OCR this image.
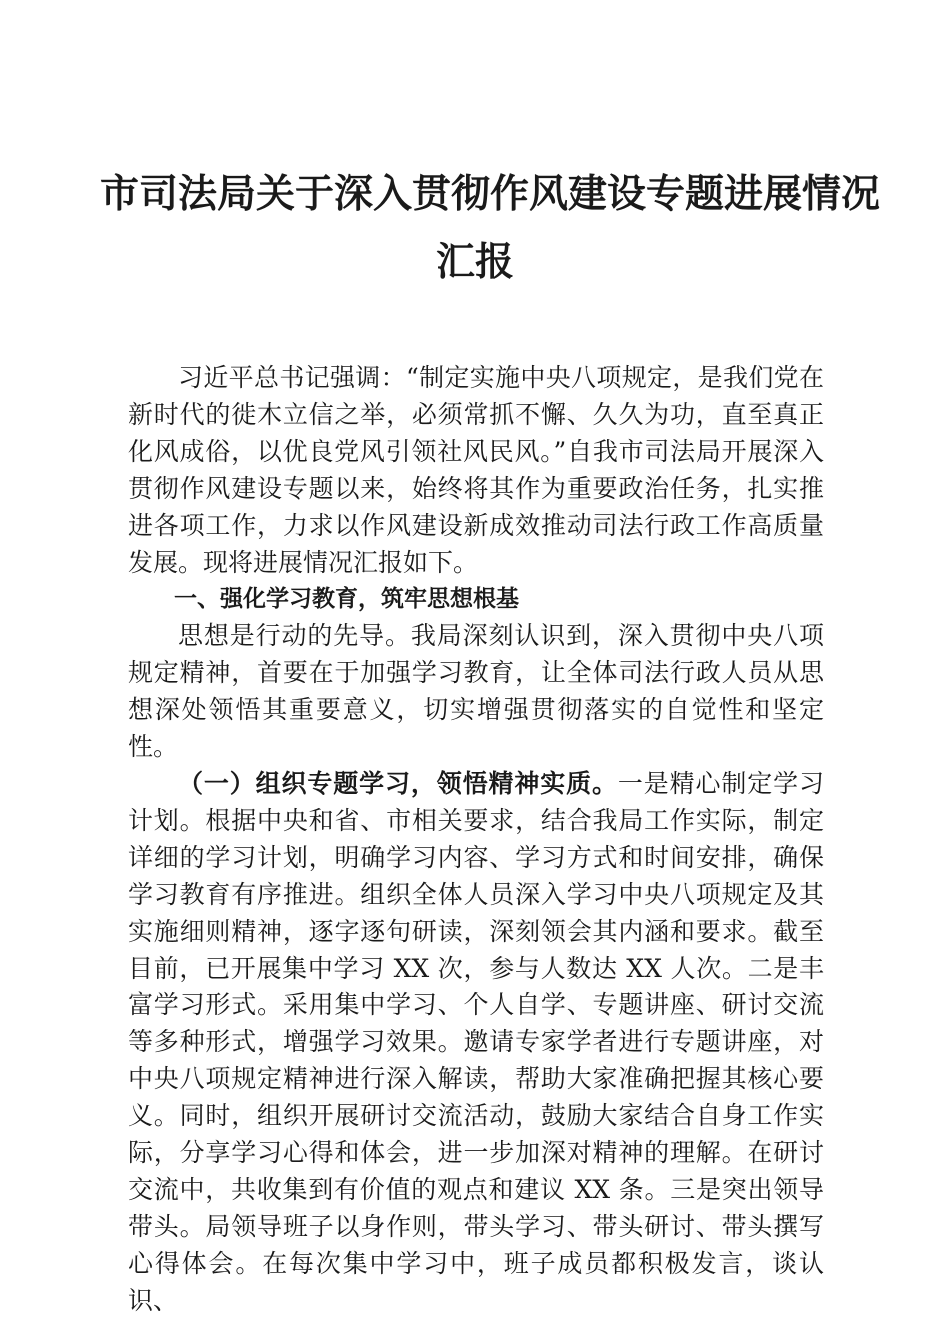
市司法局关于深入贯彻作风建设专题进展情况
汇报

习近平总书记强调：“制定实施中央八项规定，是我们党在新时代的徙木立信之举，必须常抓不懈、久久为功，直至真正化风成俗，以优良党风引领社风民风。”自我市司法局开展深入贯彻作风建设专题以来，始终将其作为重要政治任务，扎实推进各项工作，力求以作风建设新成效推动司法行政工作高质量发展。现将进展情况汇报如下。

一、强化学习教育，筑牢思想根基

思想是行动的先导。我局深刻认识到，深入贯彻中央八项规定精神，首要在于加强学习教育，让全体司法行政人员从思想深处领悟其重要意义，切实增强贯彻落实的自觉性和坚定性。

（一）组织专题学习，领悟精神实质。一是精心制定学习计划。根据中央和省、市相关要求，结合我局工作实际，制定详细的学习计划，明确学习内容、学习方式和时间安排，确保学习教育有序推进。组织全体人员深入学习中央八项规定及其实施细则精神，逐字逐句研读，深刻领会其内涵和要求。截至目前，已开展集中学习 XX 次，参与人数达 XX 人次。二是丰富学习形式。采用集中学习、个人自学、专题讲座、研讨交流等多种形式，增强学习效果。邀请专家学者进行专题讲座，对中央八项规定精神进行深入解读，帮助大家准确把握其核心要义。同时，组织开展研讨交流活动，鼓励大家结合自身工作实际，分享学习心得和体会，进一步加深对精神的理解。在研讨交流中，共收集到有价值的观点和建议 XX 条。三是突出领导带头。局领导班子以身作则，带头学习、带头研讨、带头撰写心得体会。在每次集中学习中，班子成员都积极发言，谈认识、
